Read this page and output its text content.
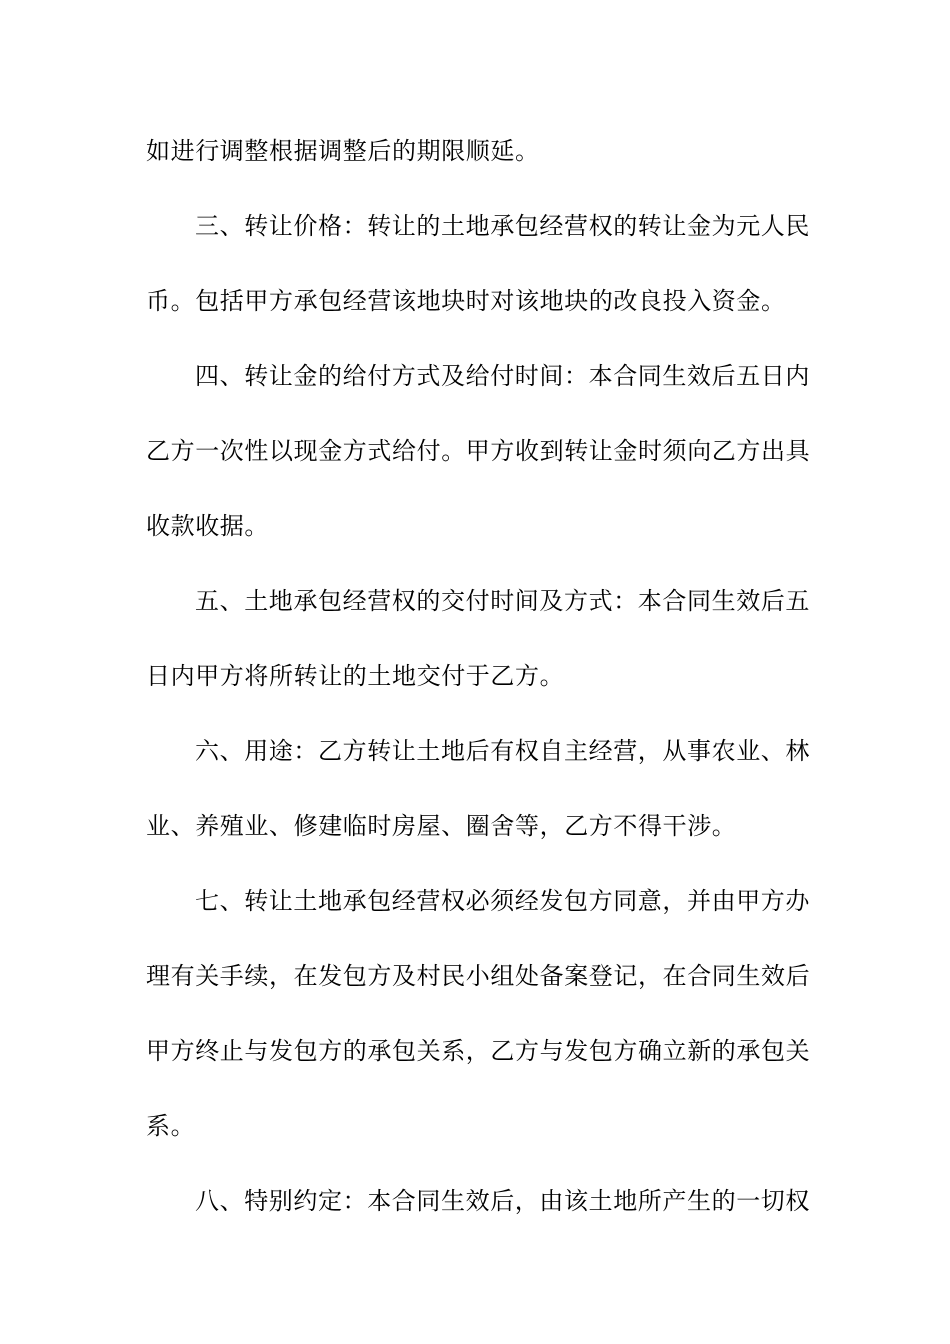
如进行调整根据调整后的期限顺延。
三、转让价格：转让的土地承包经营权的转让金为元人民
币。包括甲方承包经营该地块时对该地块的改良投入资金。
四、转让金的给付方式及给付时间：本合同生效后五日内
乙方一次性以现金方式给付。甲方收到转让金时须向乙方出具
收款收据。
五、土地承包经营权的交付时间及方式：本合同生效后五
日内甲方将所转让的土地交付于乙方。
六、用途：乙方转让土地后有权自主经营，从事农业、林
业、养殖业、修建临时房屋、圈舍等，乙方不得干涉。
七、转让土地承包经营权必须经发包方同意，并由甲方办
理有关手续，在发包方及村民小组处备案登记，在合同生效后
甲方终止与发包方的承包关系，乙方与发包方确立新的承包关
系。
八、特别约定：本合同生效后，由该土地所产生的一切权
